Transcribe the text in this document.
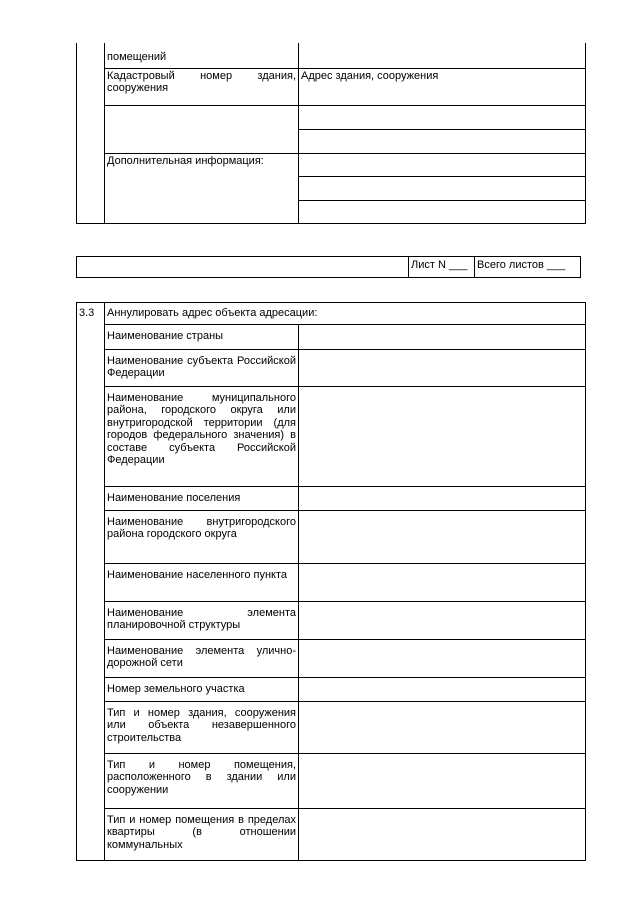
	помещений	
	Кадастровый номер здания, сооружения	Адрес здания, сооружения

	Дополнительная информация:	

	Лист N ___	Всего листов ___
3.3	Аннулировать адрес объекта адресации:	
	Наименование страны	
	Наименование субъекта Российской Федерации	
	Наименование муниципального района, городского округа или внутригородской территории (для городов федерального значения) в составе субъекта Российской Федерации	
	Наименование поселения	
	Наименование внутригородского района городского округа	
	Наименование населенного пункта	
	Наименование элемента планировочной структуры	
	Наименование элемента улично-дорожной сети	
	Номер земельного участка	
	Тип и номер здания, сооружения или объекта незавершенного строительства	
	Тип и номер помещения, расположенного в здании или сооружении	
	Тип и номер помещения в пределах квартиры (в отношении коммунальных	
